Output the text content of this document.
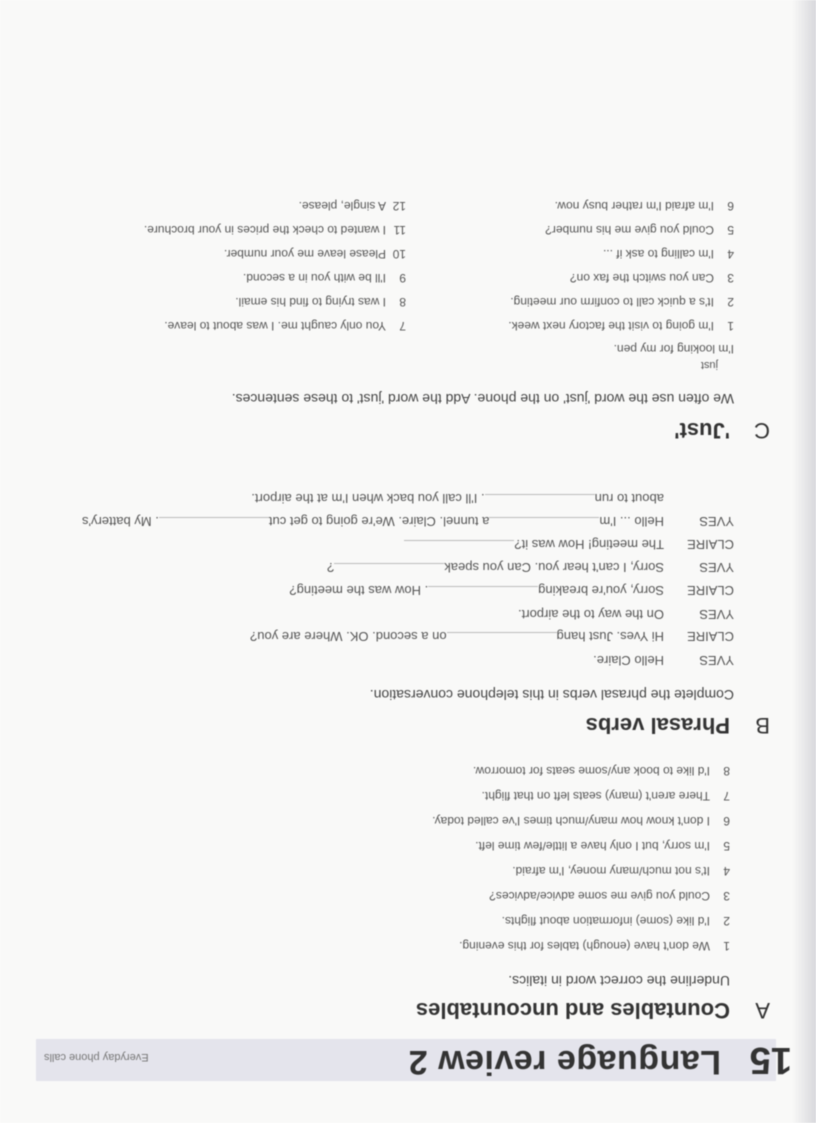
15
Language review 2
Everyday phone calls
A
Countables and uncountables
Underline the correct word in italics.
1We don't have (enough) tables for this evening.
2I'd like (some) information about flights.
3Could you give me some advice/advices?
4It's not much/many money, I'm afraid.
5I'm sorry, but I only have a little/few time left.
6I don't know how many/much times I've called today.
7There aren't (many) seats left on that flight.
8I'd like to book any/some seats for tomorrow.
B
Phrasal verbs
Complete the phrasal verbs in this telephone conversation.
YVESHello Claire.
CLAIREHi Yves. Just hangon a second. OK. Where are you?
YVESOn the way to the airport.
CLAIRESorry, you're breaking. How was the meeting?
YVESSorry, I can't hear you. Can you speak?
CLAIREThe meeting! How was it?
YVESHello ... I'ma tunnel. Claire. We're going to get cut. My battery's
about to run. I'll call you back when I'm at the airport.
C
'Just'
We often use the word 'just' on the phone. Add the word 'just' to these sentences.
just
I'm looking for my pen.
1I'm going to visit the factory next week.
2It's a quick call to confirm our meeting.
3Can you switch the fax on?
4I'm calling to ask if ...
5Could you give me his number?
6I'm afraid I'm rather busy now.
7You only caught me. I was about to leave.
8I was trying to find his email.
9I'll be with you in a second.
10Please leave me your number.
11I wanted to check the prices in your brochure.
12A single, please.
